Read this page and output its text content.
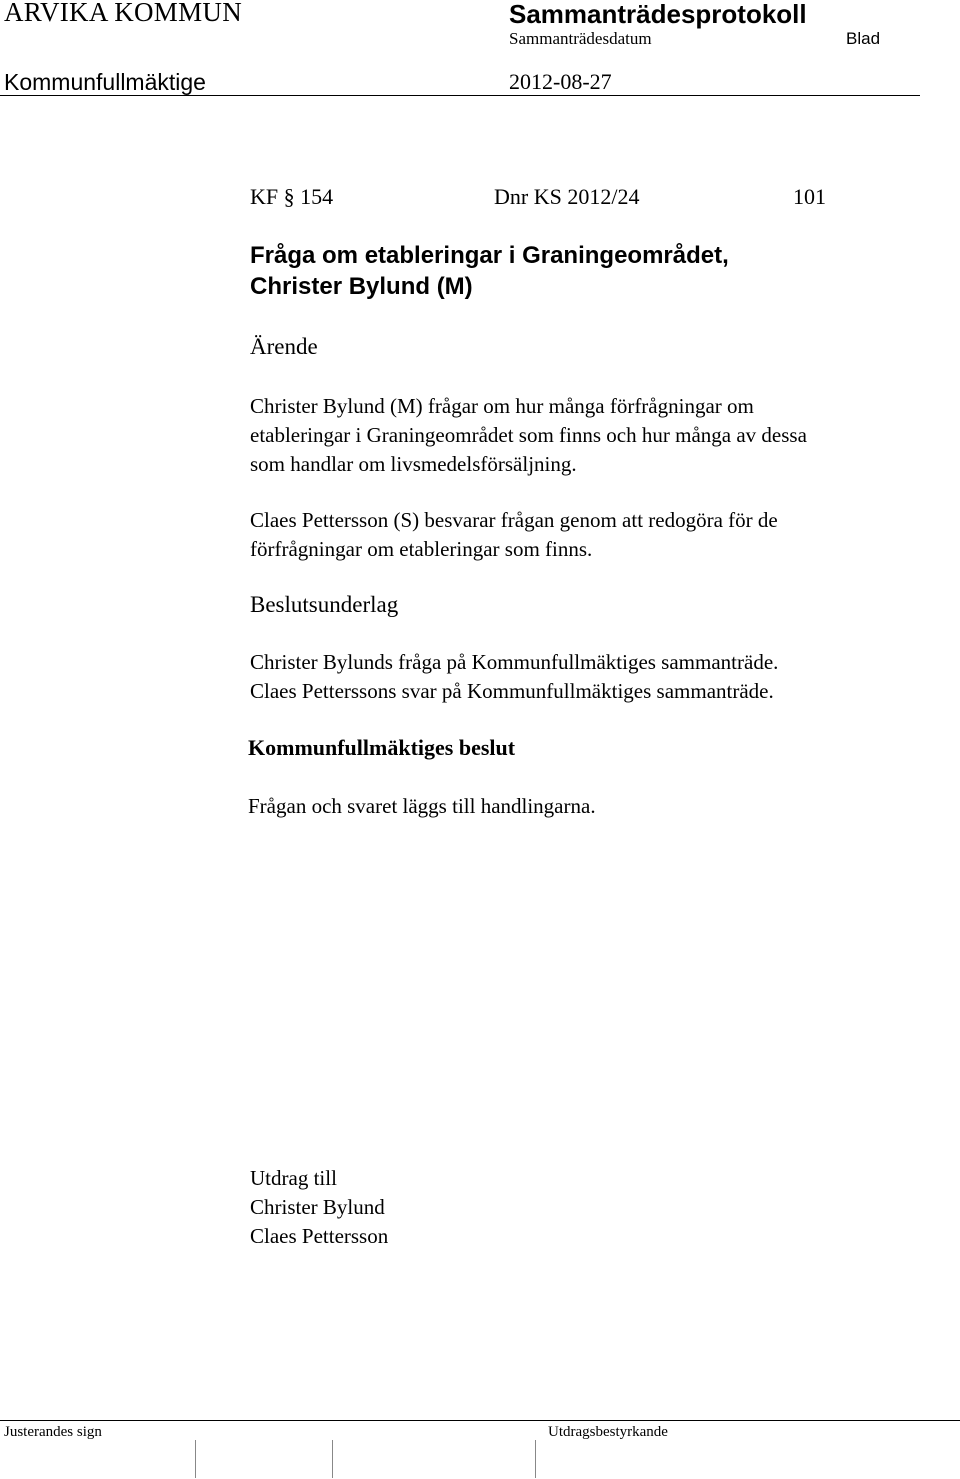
ARVIKA KOMMUN	Sammanträdesprotokoll
Sammanträdesdatum	Blad
Kommunfullmäktige	2012-08-27
KF § 154	Dnr KS 2012/24	101
Fråga om etableringar i Graningeområdet,
Christer Bylund (M)
Ärende
Christer Bylund (M) frågar om hur många förfrågningar om
etableringar i Graningeområdet som finns och hur många av dessa
som handlar om livsmedelsförsäljning.
Claes Pettersson (S) besvarar frågan genom att redogöra för de
förfrågningar om etableringar som finns.
Beslutsunderlag
Christer Bylunds fråga på Kommunfullmäktiges sammanträde.
Claes Petterssons svar på Kommunfullmäktiges sammanträde.
Kommunfullmäktiges beslut
Frågan och svaret läggs till handlingarna.
Utdrag till
Christer Bylund
Claes Pettersson
Justerandes sign	Utdragsbestyrkande
